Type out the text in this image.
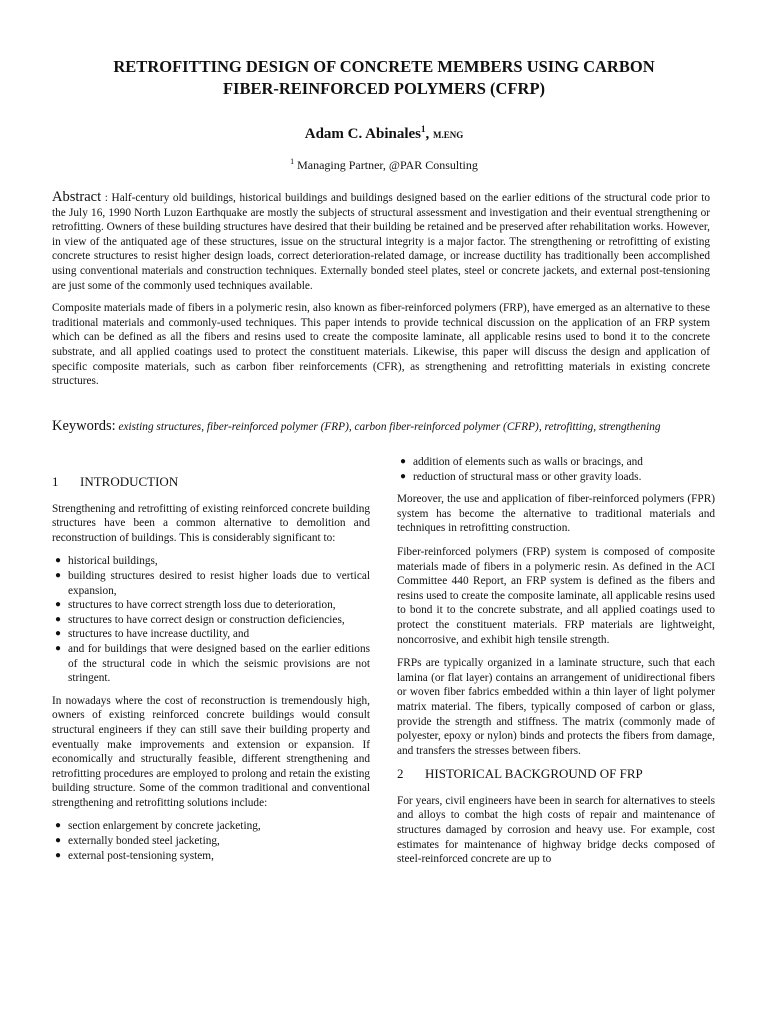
RETROFITTING DESIGN OF CONCRETE MEMBERS USING CARBON
FIBER-REINFORCED POLYMERS (CFRP)
Adam C. Abinales$^1$, M.ENG
$^1$ Managing Partner, @PAR Consulting

Abstract : Half-century old buildings, historical buildings and buildings designed based on the earlier editions of the structural code prior to the July 16, 1990 North Luzon Earthquake are mostly the subjects of structural assessment and investigation and their eventual strengthening or retrofitting. Owners of these building structures have desired that their building be retained and be preserved after rehabilitation works. However, in view of the antiquated age of these structures, issue on the structural integrity is a major factor. The strengthening or retrofitting of existing concrete structures to resist higher design loads, correct deterioration-related damage, or increase ductility has traditionally been accomplished using conventional materials and construction techniques. Externally bonded steel plates, steel or concrete jackets, and external post-tensioning are just some of the commonly used techniques available.

Composite materials made of fibers in a polymeric resin, also known as fiber-reinforced polymers (FRP), have emerged as an alternative to these traditional materials and commonly-used techniques. This paper intends to provide technical discussion on the application of an FRP system which can be defined as all the fibers and resins used to create the composite laminate, all applicable resins used to bond it to the concrete substrate, and all applied coatings used to protect the constituent materials. Likewise, this paper will discuss the design and application of specific composite materials, such as carbon fiber reinforcements (CFR), as strengthening and retrofitting materials in existing concrete structures.

Keywords: existing structures, fiber-reinforced polymer (FRP), carbon fiber-reinforced polymer (CFRP), retrofitting, strengthening
1 INTRODUCTION

Strengthening and retrofitting of existing reinforced concrete building structures have been a common alternative to demolition and reconstruction of buildings. This is considerably significant to:

● historical buildings,
● building structures desired to resist higher loads due to vertical expansion,
● structures to have correct strength loss due to deterioration,
● structures to have correct design or construction deficiencies,
● structures to have increase ductility, and
● and for buildings that were designed based on the earlier editions of the structural code in which the seismic provisions are not stringent.

In nowadays where the cost of reconstruction is tremendously high, owners of existing reinforced concrete buildings would consult structural engineers if they can still save their building property and eventually make improvements and extension or expansion. If economically and structurally feasible, different strengthening and retrofitting procedures are employed to prolong and retain the existing building structure. Some of the common traditional and conventional strengthening and retrofitting solutions include:

● section enlargement by concrete jacketing,
● externally bonded steel jacketing,
● external post-tensioning system,
● addition of elements such as walls or bracings, and
● reduction of structural mass or other gravity loads.

Moreover, the use and application of fiber-reinforced polymers (FPR) system has become the alternative to traditional materials and techniques in retrofitting construction.

Fiber-reinforced polymers (FRP) system is composed of composite materials made of fibers in a polymeric resin. As defined in the ACI Committee 440 Report, an FRP system is defined as the fibers and resins used to create the composite laminate, all applicable resins used to bond it to the concrete substrate, and all applied coatings used to protect the constituent materials. FRP materials are lightweight, noncorrosive, and exhibit high tensile strength.

FRPs are typically organized in a laminate structure, such that each lamina (or flat layer) contains an arrangement of unidirectional fibers or woven fiber fabrics embedded within a thin layer of light polymer matrix material. The fibers, typically composed of carbon or glass, provide the strength and stiffness. The matrix (commonly made of polyester, epoxy or nylon) binds and protects the fibers from damage, and transfers the stresses between fibers.

2 HISTORICAL BACKGROUND OF FRP

For years, civil engineers have been in search for alternatives to steels and alloys to combat the high costs of repair and maintenance of structures damaged by corrosion and heavy use. For example, cost estimates for maintenance of highway bridge decks composed of steel-reinforced concrete are up to
